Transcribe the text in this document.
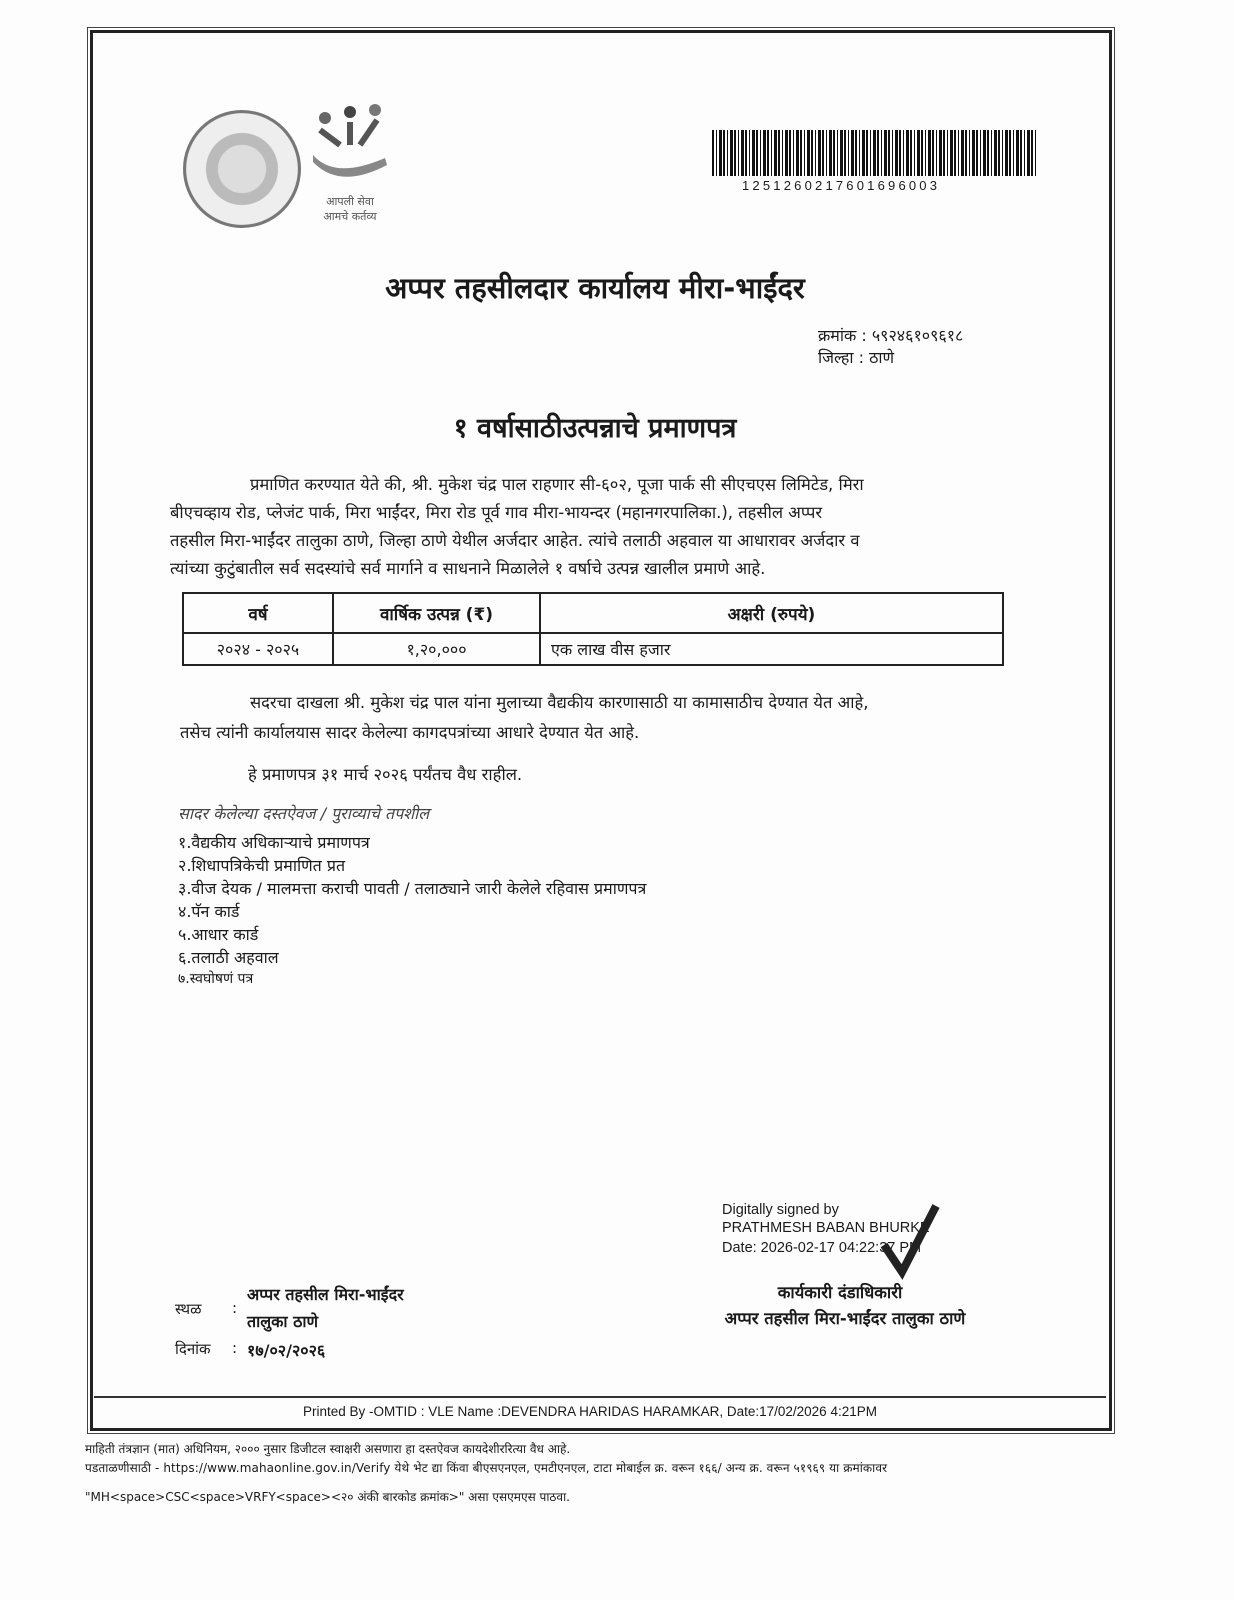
आपली सेवा
आमचे कर्तव्य
1251260217601696003
अप्पर तहसीलदार कार्यालय मीरा-भाईंदर
क्रमांक : ५९२४६१०९६१८
जिल्हा : ठाणे
१ वर्षासाठीउत्पन्नाचे प्रमाणपत्र
प्रमाणित करण्यात येते की, श्री. मुकेश चंद्र पाल राहणार सी-६०२, पूजा पार्क सी सीएचएस लिमिटेड, मिरा
बीएचव्हाय रोड, प्लेजंट पार्क, मिरा भाईंदर, मिरा रोड पूर्व गाव मीरा-भायन्दर (महानगरपालिका.), तहसील अप्पर
तहसील मिरा-भाईंदर तालुका ठाणे, जिल्हा ठाणे येथील अर्जदार आहेत. त्यांचे तलाठी अहवाल या आधारावर अर्जदार व
त्यांच्या कुटुंबातील सर्व सदस्यांचे सर्व मार्गाने व साधनाने मिळालेले १ वर्षाचे उत्पन्न खालील प्रमाणे आहे.
वर्ष	वार्षिक उत्पन्न (₹)	अक्षरी (रुपये)
२०२४ - २०२५	१,२०,०००	एक लाख वीस हजार
सदरचा दाखला श्री. मुकेश चंद्र पाल यांना मुलाच्या वैद्यकीय कारणासाठी या कामासाठीच देण्यात येत आहे,
तसेच त्यांनी कार्यालयास सादर केलेल्या कागदपत्रांच्या आधारे देण्यात येत आहे.
हे प्रमाणपत्र ३१ मार्च २०२६ पर्यंतच वैध राहील.
सादर केलेल्या दस्तऐवज / पुराव्याचे तपशील
१.वैद्यकीय अधिकाऱ्याचे प्रमाणपत्र
२.शिधापत्रिकेची प्रमाणित प्रत
३.वीज देयक / मालमत्ता कराची पावती / तलाठ्याने जारी केलेले रहिवास प्रमाणपत्र
४.पॅन कार्ड
५.आधार कार्ड
६.तलाठी अहवाल
७.स्वघोषणं पत्र
Digitally signed by
PRATHMESH BABAN BHURKE
Date: 2026-02-17 04:22:37 PM
कार्यकारी दंडाधिकारी
अप्पर तहसील मिरा-भाईंदर तालुका ठाणे
स्थळ :
अप्पर तहसील मिरा-भाईंदर
तालुका ठाणे
दिनांक : १७/०२/२०२६
Printed By -OMTID : VLE Name :DEVENDRA HARIDAS HARAMKAR, Date:17/02/2026 4:21PM
माहिती तंत्रज्ञान (मात) अधिनियम, २००० नुसार डिजीटल स्वाक्षरी असणारा हा दस्तऐवज कायदेशीररित्या वैध आहे.
पडताळणीसाठी - https://www.mahaonline.gov.in/Verify येथे भेट द्या किंवा बीएसएनएल, एमटीएनएल, टाटा मोबाईल क्र. वरून १६६/ अन्य क्र. वरून ५१९६९ या क्रमांकावर
"MH<space>CSC<space>VRFY<space><२० अंकी बारकोड क्रमांक>" असा एसएमएस पाठवा.
